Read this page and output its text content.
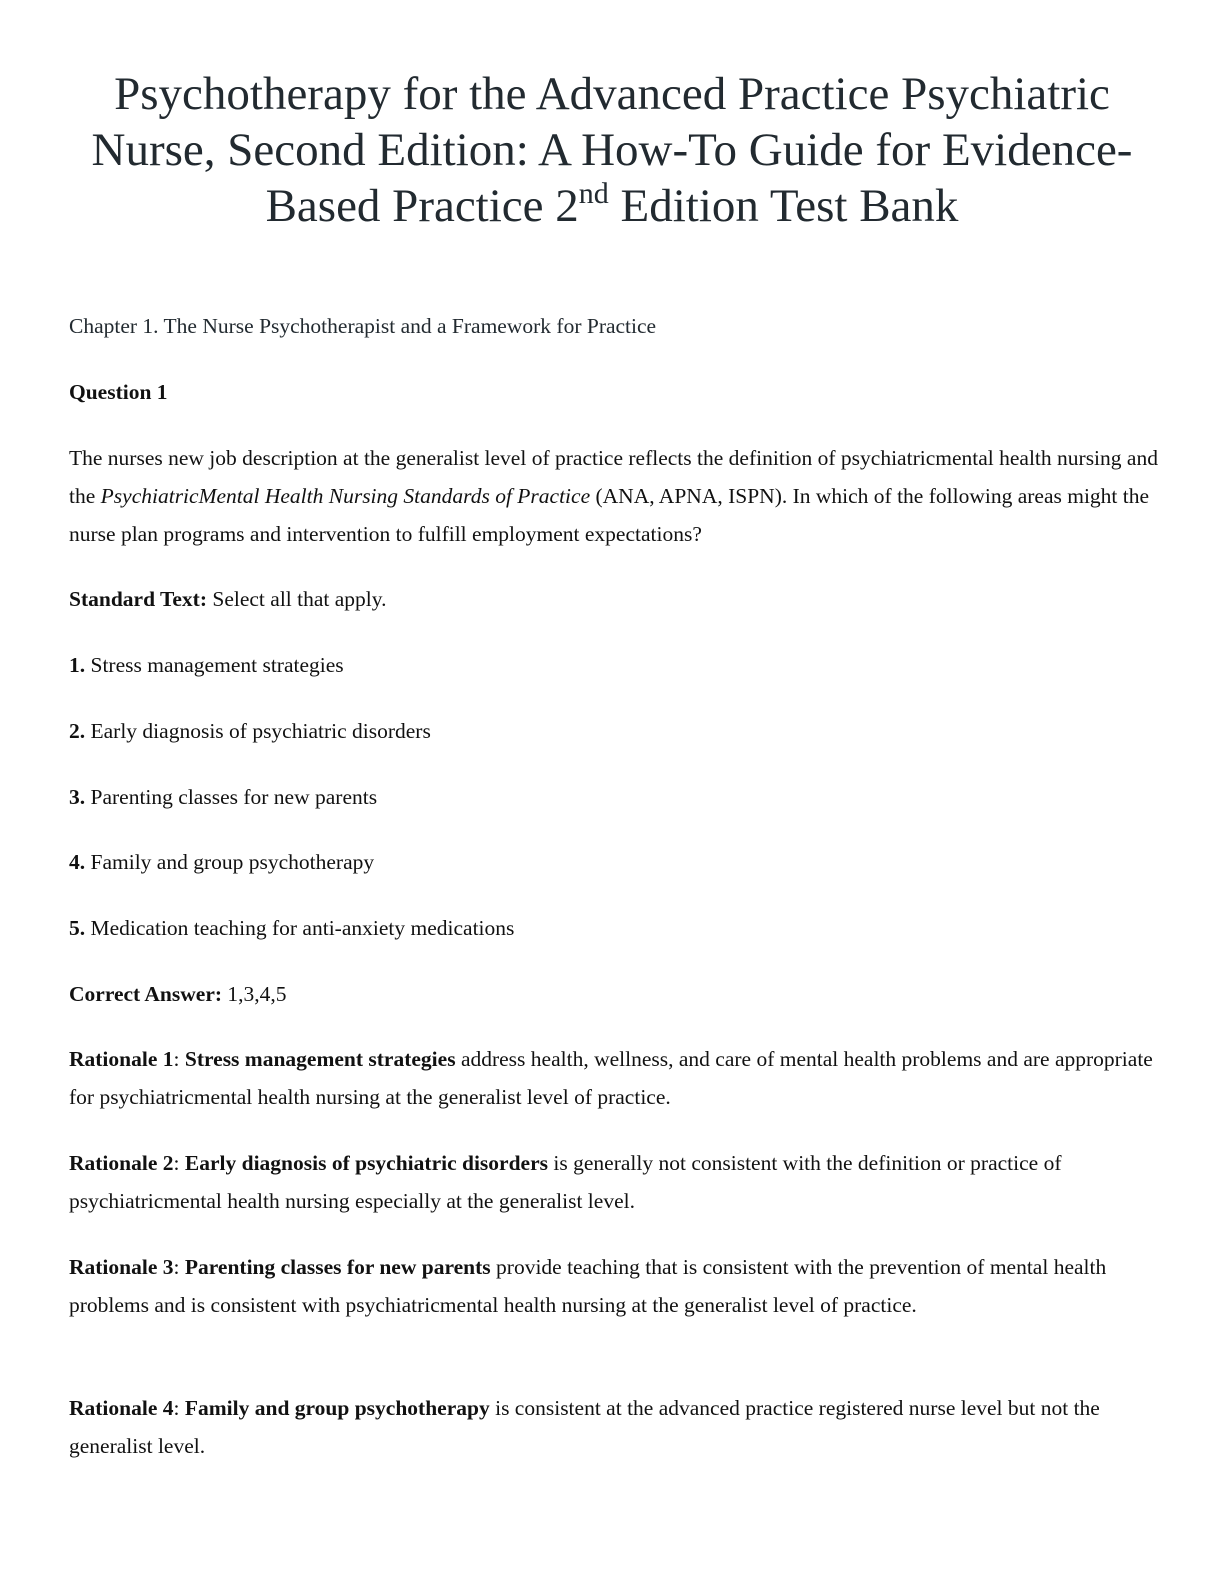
Psychotherapy for the Advanced Practice Psychiatric
Nurse, Second Edition: A How-To Guide for Evidence-
Based Practice 2nd Edition Test Bank

Chapter 1. The Nurse Psychotherapist and a Framework for Practice

Question 1

The nurses new job description at the generalist level of practice reflects the definition of psychiatricmental health nursing and the PsychiatricMental Health Nursing Standards of Practice (ANA, APNA, ISPN). In which of the following areas might the nurse plan programs and intervention to fulfill employment expectations?

Standard Text: Select all that apply.

1. Stress management strategies

2. Early diagnosis of psychiatric disorders

3. Parenting classes for new parents

4. Family and group psychotherapy

5. Medication teaching for anti-anxiety medications

Correct Answer: 1,3,4,5

Rationale 1: Stress management strategies address health, wellness, and care of mental health problems and are appropriate for psychiatricmental health nursing at the generalist level of practice.

Rationale 2: Early diagnosis of psychiatric disorders is generally not consistent with the definition or practice of psychiatricmental health nursing especially at the generalist level.

Rationale 3: Parenting classes for new parents provide teaching that is consistent with the prevention of mental health problems and is consistent with psychiatricmental health nursing at the generalist level of practice.

Rationale 4: Family and group psychotherapy is consistent at the advanced practice registered nurse level but not the generalist level.
